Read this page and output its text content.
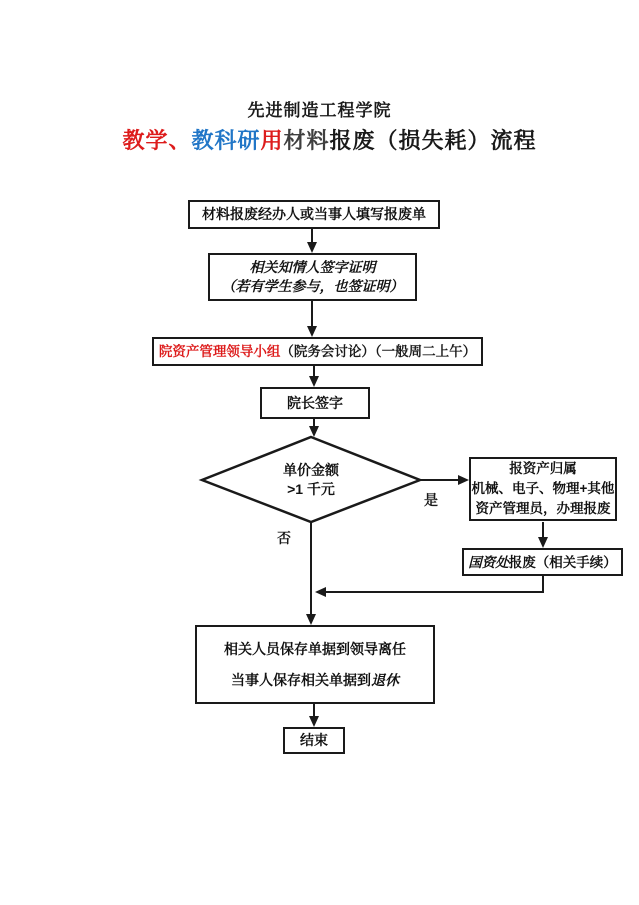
先进制造工程学院
教学、教科研用材料报废（损失耗）流程
材料报废经办人或当事人填写报废单
相关知情人签字证明
（若有学生参与，也签证明）
院资产管理领导小组 （院务会讨论）（一般周二上午）
院长签字
单价金额
>1 千元
否
是
报资产归属
机械、电子、物理+其他
资产管理员，办理报废
国资处 报废（相关手续）
相关人员保存单据到领导离任
当事人保存相关单据到退休
结束
